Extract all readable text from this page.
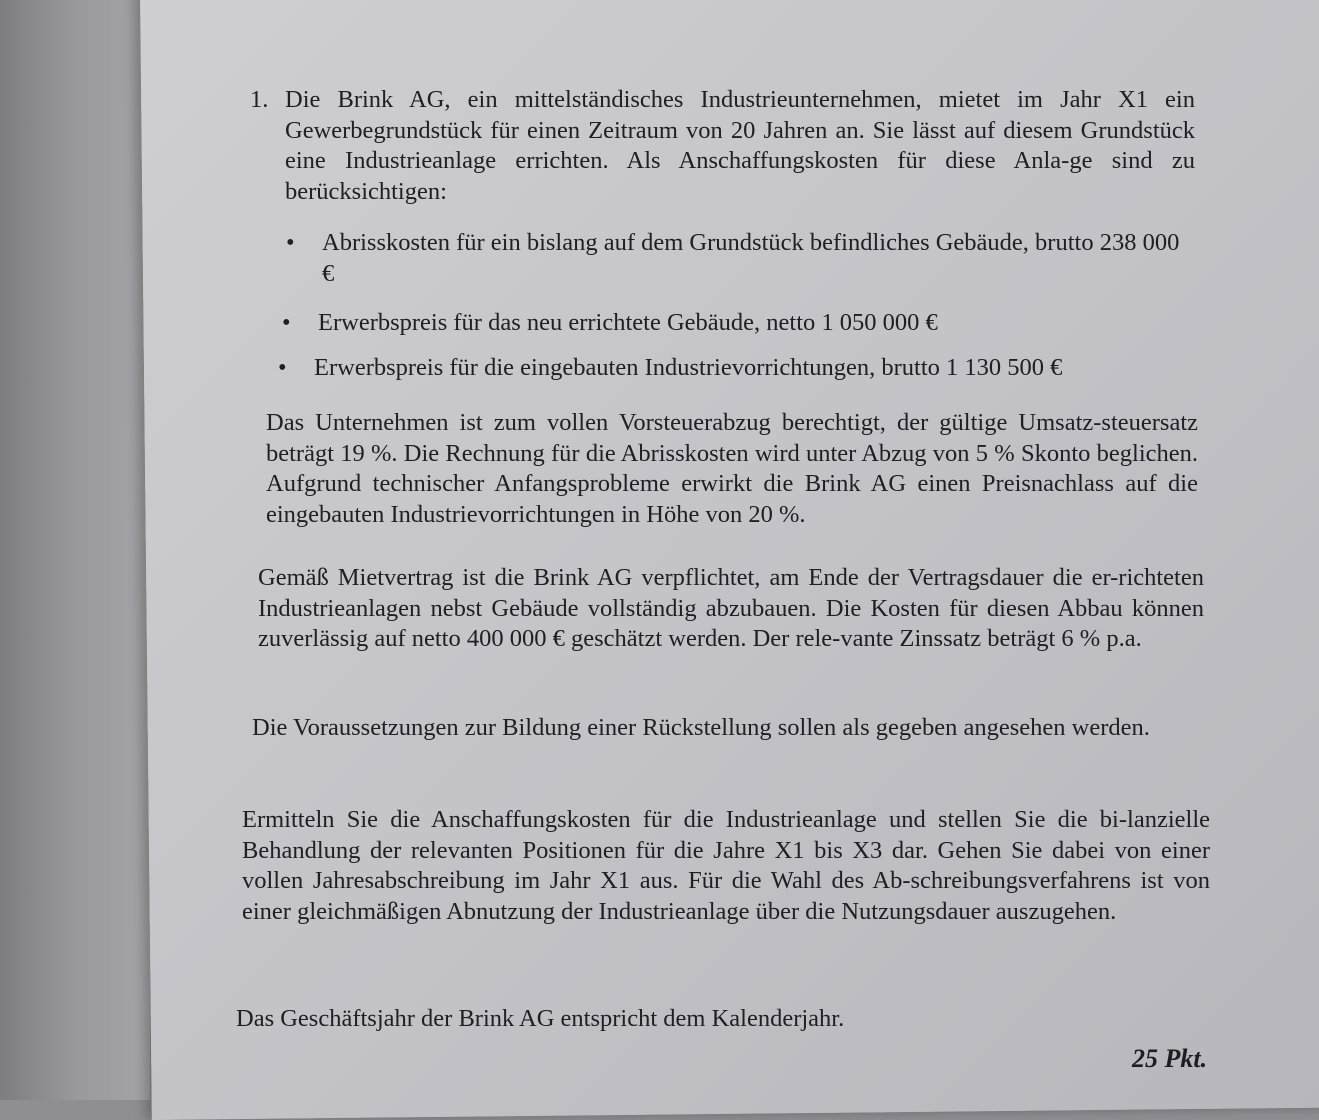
1. Die Brink AG, ein mittelständisches Industrieunternehmen, mietet im Jahr X1 ein Gewerbegrundstück für einen Zeitraum von 20 Jahren an. Sie lässt auf diesem Grundstück eine Industrieanlage errichten. Als Anschaffungskosten für diese Anla-ge sind zu berücksichtigen:

• Abrisskosten für ein bislang auf dem Grundstück befindliches Gebäude, brutto 238 000 €
• Erwerbspreis für das neu errichtete Gebäude, netto 1 050 000 €
• Erwerbspreis für die eingebauten Industrievorrichtungen, brutto 1 130 500 €

Das Unternehmen ist zum vollen Vorsteuerabzug berechtigt, der gültige Umsatz-steuersatz beträgt 19 %. Die Rechnung für die Abrisskosten wird unter Abzug von 5 % Skonto beglichen. Aufgrund technischer Anfangsprobleme erwirkt die Brink AG einen Preisnachlass auf die eingebauten Industrievorrichtungen in Höhe von 20 %.

Gemäß Mietvertrag ist die Brink AG verpflichtet, am Ende der Vertragsdauer die er-richteten Industrieanlagen nebst Gebäude vollständig abzubauen. Die Kosten für diesen Abbau können zuverlässig auf netto 400 000 € geschätzt werden. Der rele-vante Zinssatz beträgt 6 % p.a.

Die Voraussetzungen zur Bildung einer Rückstellung sollen als gegeben angesehen werden.

Ermitteln Sie die Anschaffungskosten für die Industrieanlage und stellen Sie die bi-lanzielle Behandlung der relevanten Positionen für die Jahre X1 bis X3 dar. Gehen Sie dabei von einer vollen Jahresabschreibung im Jahr X1 aus. Für die Wahl des Ab-schreibungsverfahrens ist von einer gleichmäßigen Abnutzung der Industrieanlage über die Nutzungsdauer auszugehen.

Das Geschäftsjahr der Brink AG entspricht dem Kalenderjahr.

25 Pkt.
